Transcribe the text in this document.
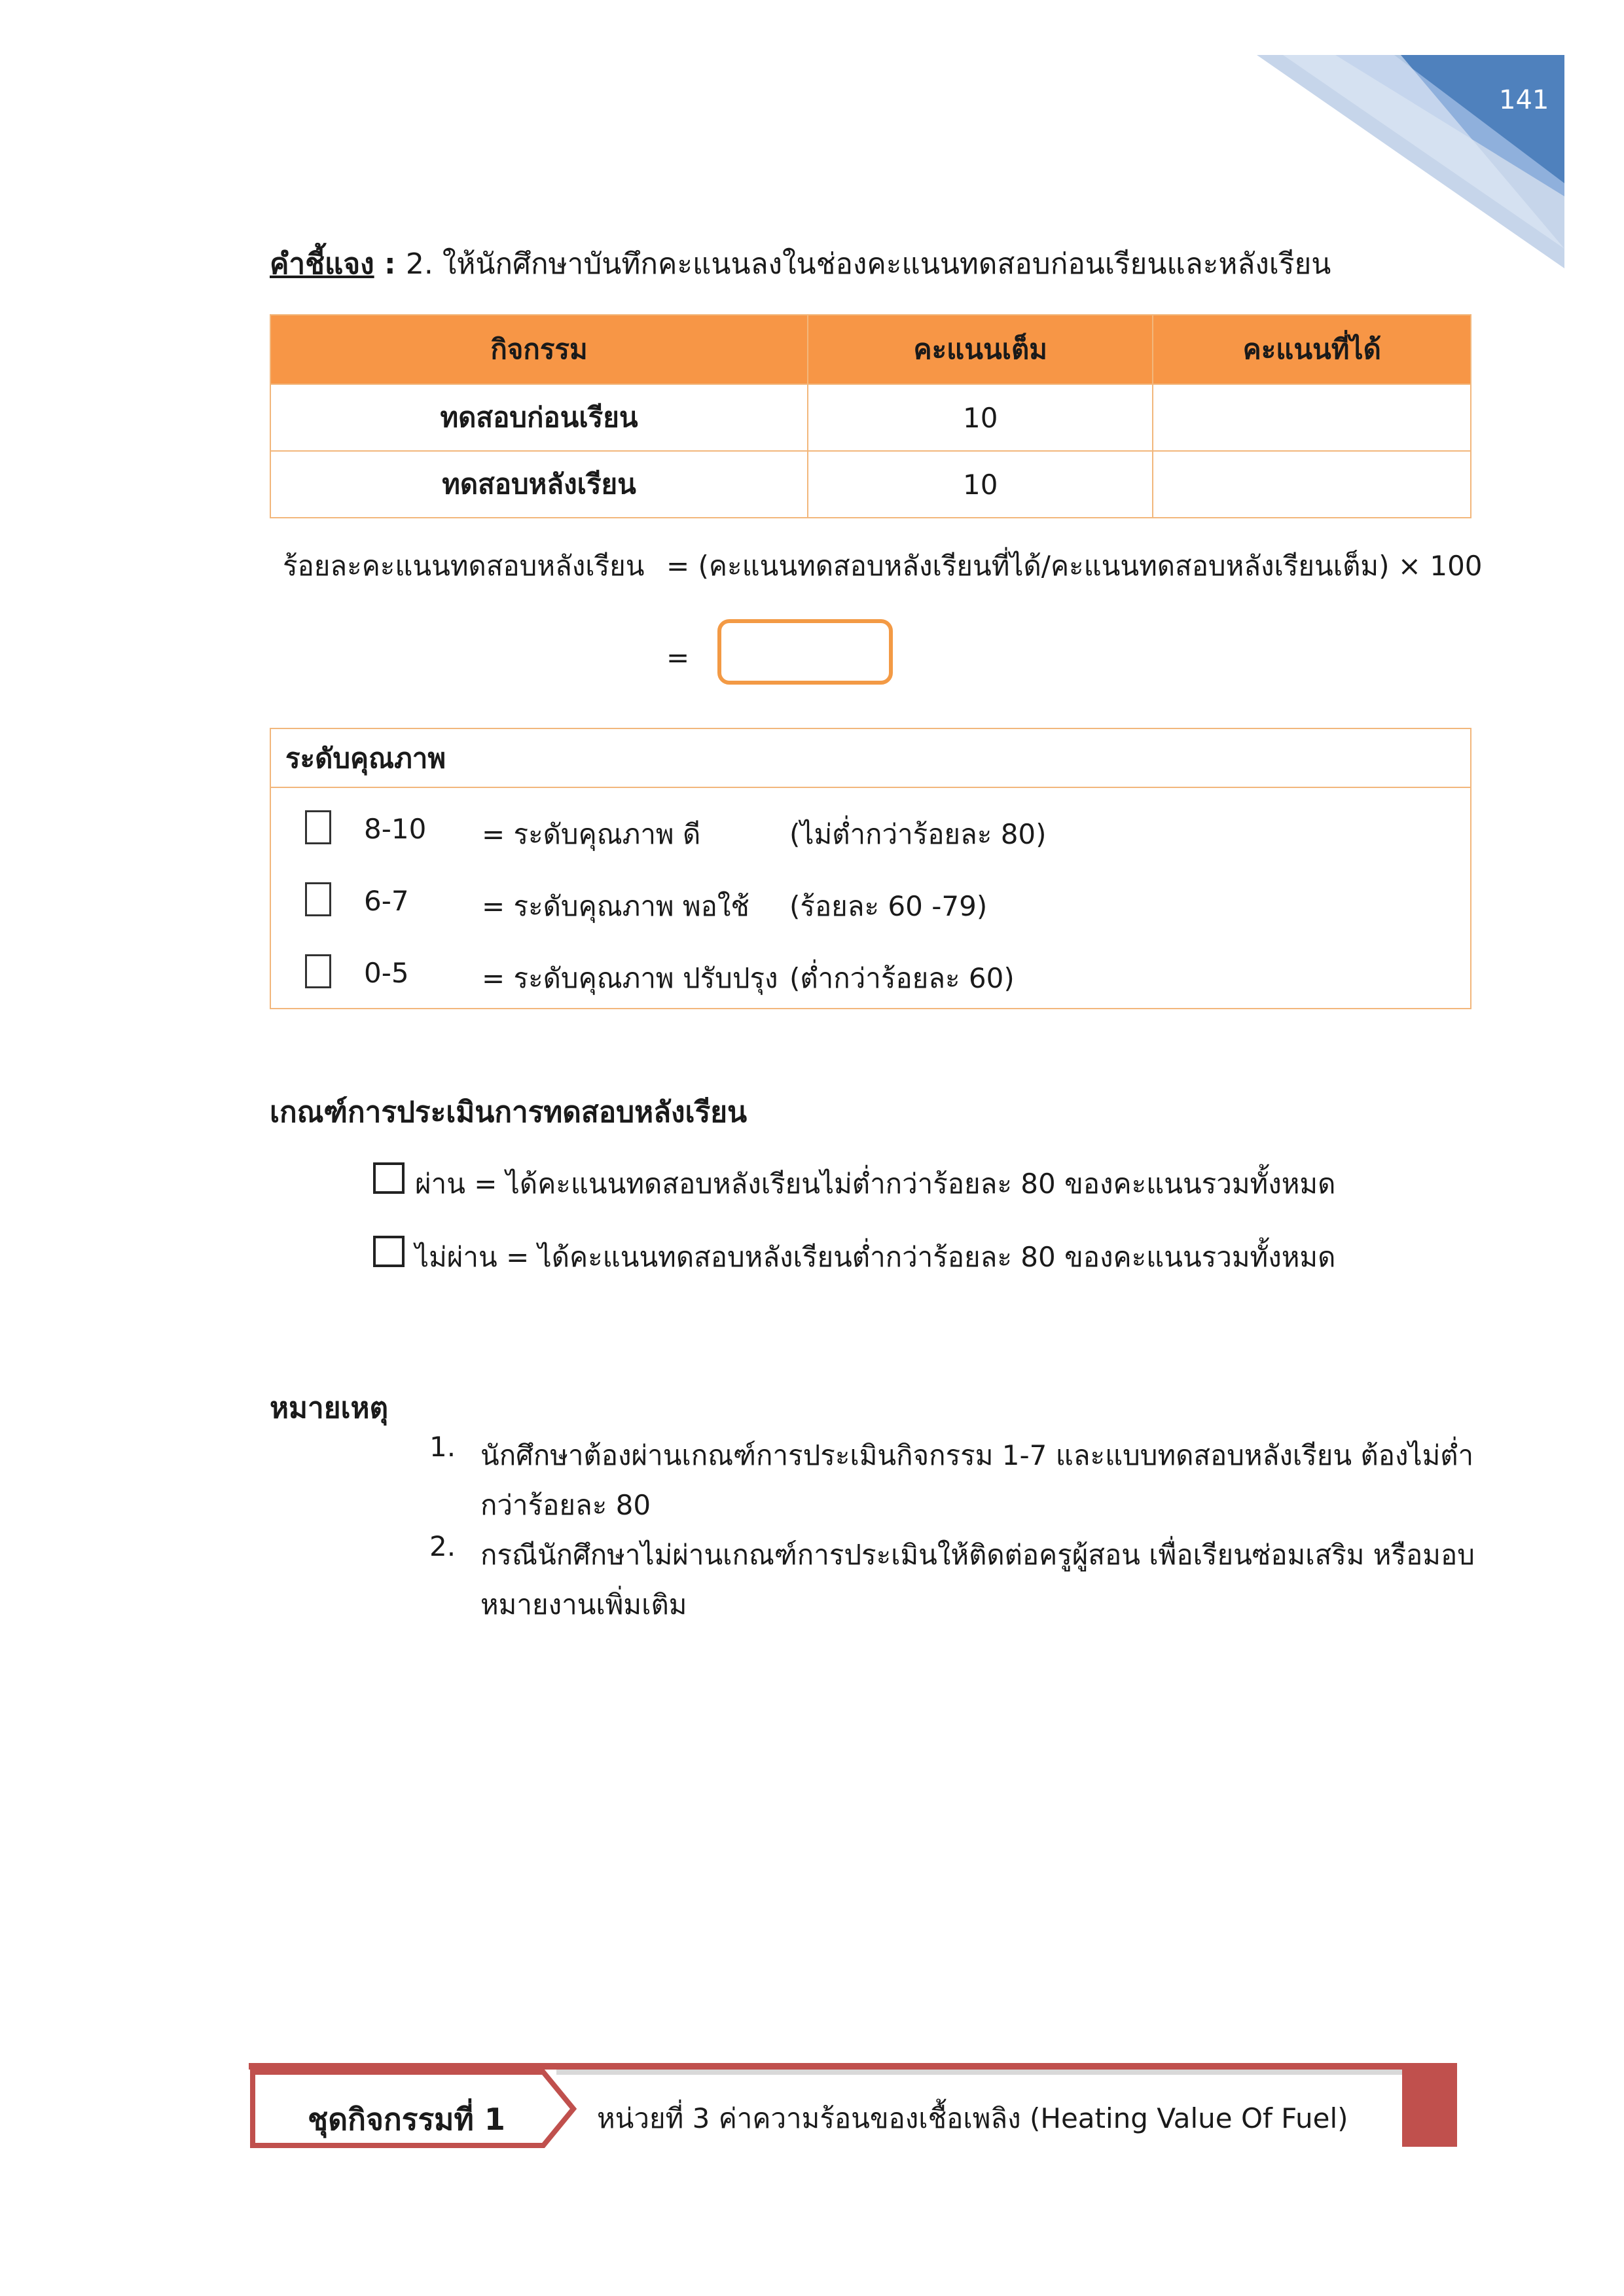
141
คำชี้แจง : 2. ให้นักศึกษาบันทึกคะแนนลงในช่องคะแนนทดสอบก่อนเรียนและหลังเรียน
กิจกรรม	คะแนนเต็ม	คะแนนที่ได้
ทดสอบก่อนเรียน	10	
ทดสอบหลังเรียน	10	
ร้อยละคะแนนทดสอบหลังเรียน = (คะแนนทดสอบหลังเรียนที่ได้/คะแนนทดสอบหลังเรียนเต็ม) × 100
=
ระดับคุณภาพ
8-10 = ระดับคุณภาพ ดี	(ไม่ต่ำกว่าร้อยละ 80)
6-7	= ระดับคุณภาพ พอใช้ (ร้อยละ 60 -79)
0-5	= ระดับคุณภาพ ปรับปรุง (ต่ำกว่าร้อยละ 60)
เกณฑ์การประเมินการทดสอบหลังเรียน
ผ่าน = ได้คะแนนทดสอบหลังเรียนไม่ต่ำกว่าร้อยละ 80 ของคะแนนรวมทั้งหมด
ไม่ผ่าน = ได้คะแนนทดสอบหลังเรียนต่ำกว่าร้อยละ 80 ของคะแนนรวมทั้งหมด
หมายเหตุ
1. นักศึกษาต้องผ่านเกณฑ์การประเมินกิจกรรม 1-7 และแบบทดสอบหลังเรียน ต้องไม่ต่ำกว่าร้อยละ 80
2. กรณีนักศึกษาไม่ผ่านเกณฑ์การประเมินให้ติดต่อครูผู้สอน เพื่อเรียนซ่อมเสริม หรือมอบหมายงานเพิ่มเติม
ชุดกิจกรรมที่ 1	หน่วยที่ 3 ค่าความร้อนของเชื้อเพลิง (Heating Value Of Fuel)
